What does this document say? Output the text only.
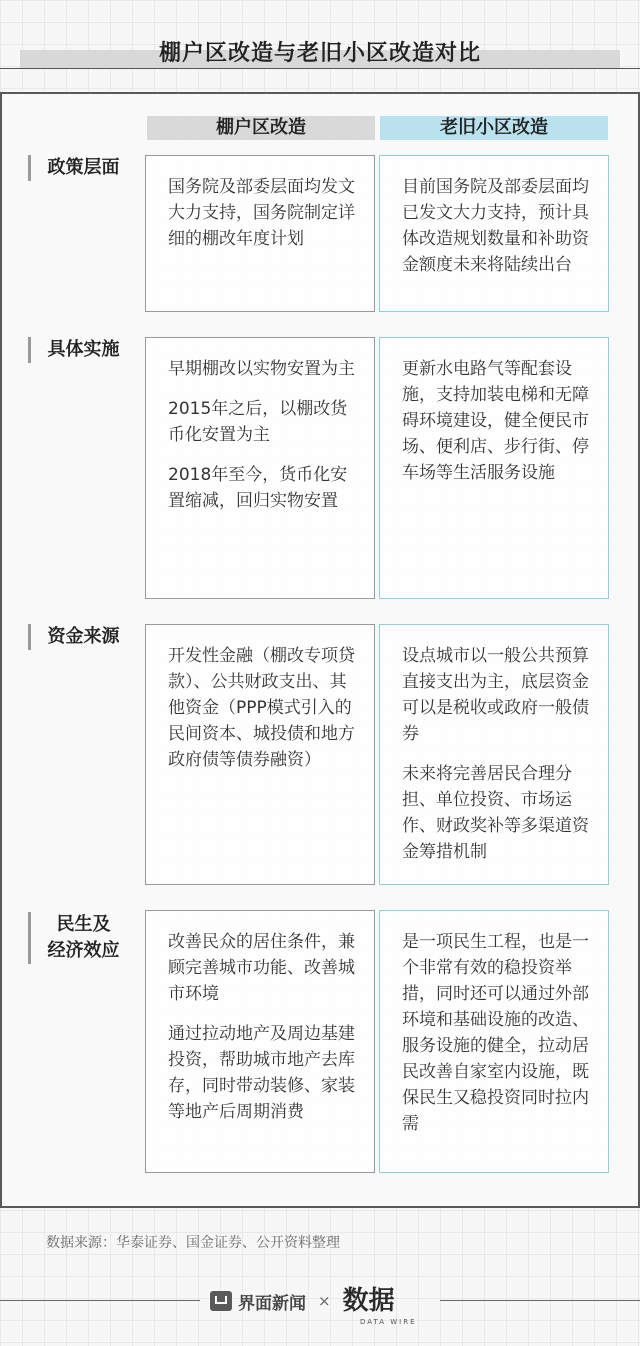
棚户区改造与老旧小区改造对比
棚户区改造	老旧小区改造
政策层面

国务院及部委层面均发文大力支持，国务院制定详细的棚改年度计划

目前国务院及部委层面均已发文大力支持，预计具体改造规划数量和补助资金额度未来将陆续出台

具体实施

早期棚改以实物安置为主

2015年之后，以棚改货币化安置为主

2018年至今，货币化安置缩减，回归实物安置

更新水电路气等配套设施，支持加装电梯和无障碍环境建设，健全便民市场、便利店、步行街、停车场等生活服务设施

资金来源

开发性金融（棚改专项贷款）、公共财政支出、其他资金（PPP模式引入的民间资本、城投债和地方政府债等债券融资）

设点城市以一般公共预算直接支出为主，底层资金可以是税收或政府一般债券

未来将完善居民合理分担、单位投资、市场运作、财政奖补等多渠道资金筹措机制

民生及
经济效应	改善民众的居住条件，兼顾完善城市功能、改善城市环境

通过拉动地产及周边基建投资，帮助城市地产去库存，同时带动装修、家装等地产后周期消费

是一项民生工程，也是一个非常有效的稳投资举措，同时还可以通过外部环境和基础设施的改造、服务设施的健全，拉动居民改善自家室内设施，既保民生又稳投资同时拉内需

数据来源：华泰证券、国金证券、公开资料整理
界面新闻 × 数据
DATA WIRE
